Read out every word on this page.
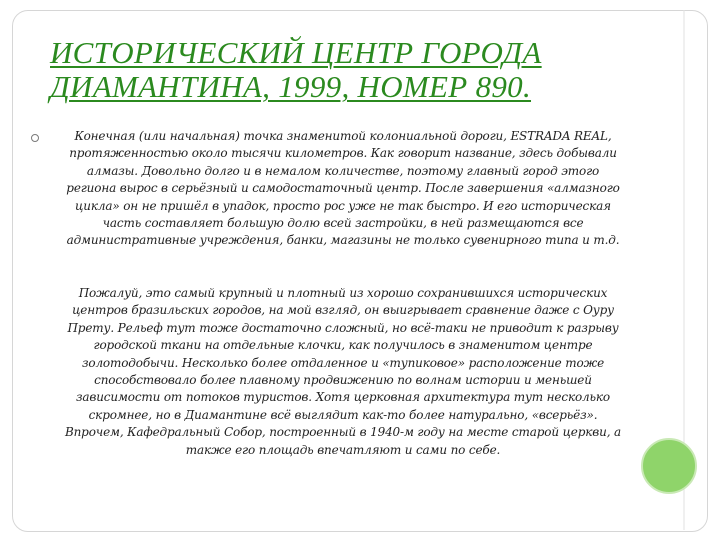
ИСТОРИЧЕСКИЙ ЦЕНТР ГОРОДА ДИАМАНТИНА, 1999, НОМЕР 890.

Конечная (или начальная) точка знаменитой колониальной дороги, ESTRADA REAL, протяженностью около тысячи километров. Как говорит название, здесь добывали алмазы. Довольно долго и в немалом количестве, поэтому главный город этого региона вырос в серьёзный и самодостаточный центр. После завершения «алмазного цикла» он не пришёл в упадок, просто рос уже не так быстро. И его историческая часть составляет большую долю всей застройки, в ней размещаются все административные учреждения, банки, магазины не только сувенирного типа и т.д.

Пожалуй, это самый крупный и плотный из хорошо сохранившихся исторических центров бразильских городов, на мой взгляд, он выигрывает сравнение даже с Оуру Прету. Рельеф тут тоже достаточно сложный, но всё-таки не приводит к разрыву городской ткани на отдельные клочки, как получилось в знаменитом центре золотодобычи. Несколько более отдаленное и «тупиковое» расположение тоже способствовало более плавному продвижению по волнам истории и меньшей зависимости от потоков туристов. Хотя церковная архитектура тут несколько скромнее, но в Диамантине всё выглядит как-то более натурально, «всерьёз». Впрочем, Кафедральный Собор, построенный в 1940-м году на месте старой церкви, а также его площадь впечатляют и сами по себе.
